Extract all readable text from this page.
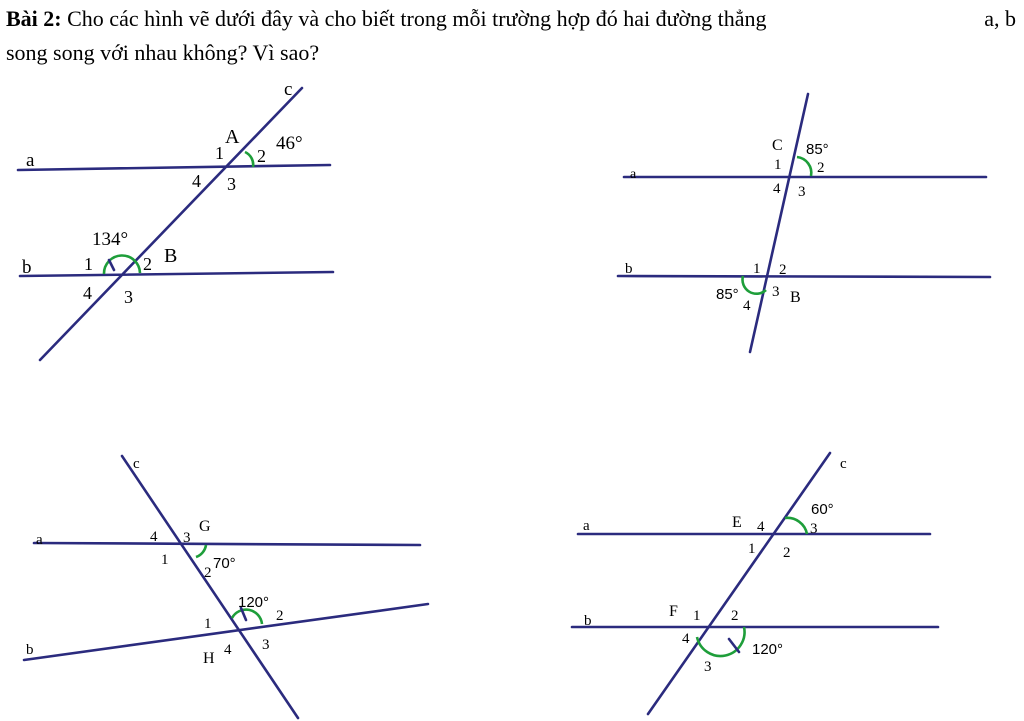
Bài 2: Cho các hình vẽ dưới đây và cho biết trong mỗi trường hợp đó hai đường thẳng	a, b

song song với nhau không? Vì sao?
a
b
c
A
B
46°
134°
1 2
3
4
1	2
3
4
a
b
C
B
85°
85°
1 2
3
4
1 2
3
4
a
b
c
G
H
70°
120°
1
2
3
4
1	2
3
4
a
b
c
E
F
60°
120°
1 2
3
4
1 2
3
4
